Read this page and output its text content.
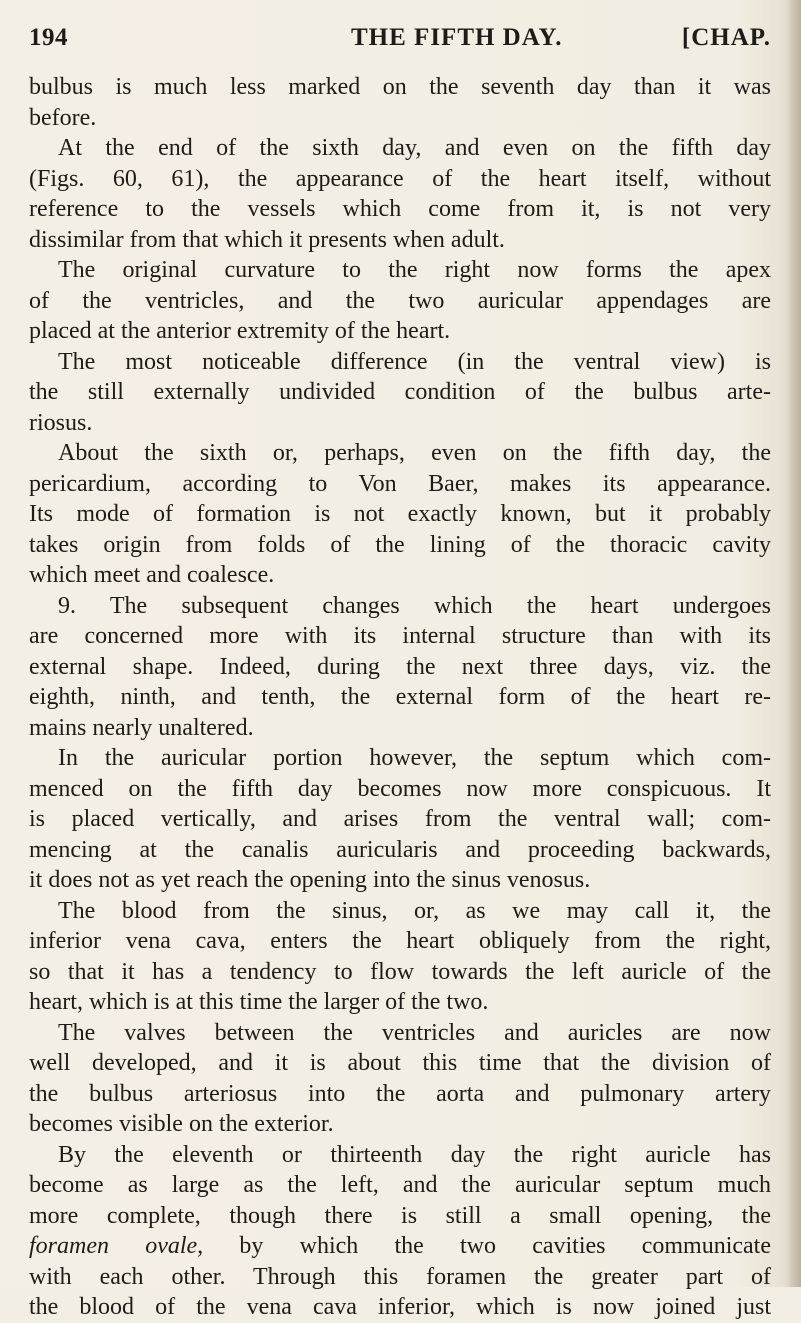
194	THE FIFTH DAY.	[CHAP.
bulbus is much less marked on the seventh day than it was
before.
At the end of the sixth day, and even on the fifth day
(Figs. 60, 61), the appearance of the heart itself, without
reference to the vessels which come from it, is not very
dissimilar from that which it presents when adult.
The original curvature to the right now forms the apex
of the ventricles, and the two auricular appendages are
placed at the anterior extremity of the heart.
The most noticeable difference (in the ventral view) is
the still externally undivided condition of the bulbus arte-
riosus.
About the sixth or, perhaps, even on the fifth day, the
pericardium, according to Von Baer, makes its appearance.
Its mode of formation is not exactly known, but it probably
takes origin from folds of the lining of the thoracic cavity
which meet and coalesce.
9. The subsequent changes which the heart undergoes
are concerned more with its internal structure than with its
external shape. Indeed, during the next three days, viz. the
eighth, ninth, and tenth, the external form of the heart re-
mains nearly unaltered.
In the auricular portion however, the septum which com-
menced on the fifth day becomes now more conspicuous. It
is placed vertically, and arises from the ventral wall; com-
mencing at the canalis auricularis and proceeding backwards,
it does not as yet reach the opening into the sinus venosus.
The blood from the sinus, or, as we may call it, the
inferior vena cava, enters the heart obliquely from the right,
so that it has a tendency to flow towards the left auricle of the
heart, which is at this time the larger of the two.
The valves between the ventricles and auricles are now
well developed, and it is about this time that the division of
the bulbus arteriosus into the aorta and pulmonary artery
becomes visible on the exterior.
By the eleventh or thirteenth day the right auricle has
become as large as the left, and the auricular septum much
more complete, though there is still a small opening, the
foramen ovale, by which the two cavities communicate
with each other. Through this foramen the greater part of
the blood of the vena cava inferior, which is now joined just
